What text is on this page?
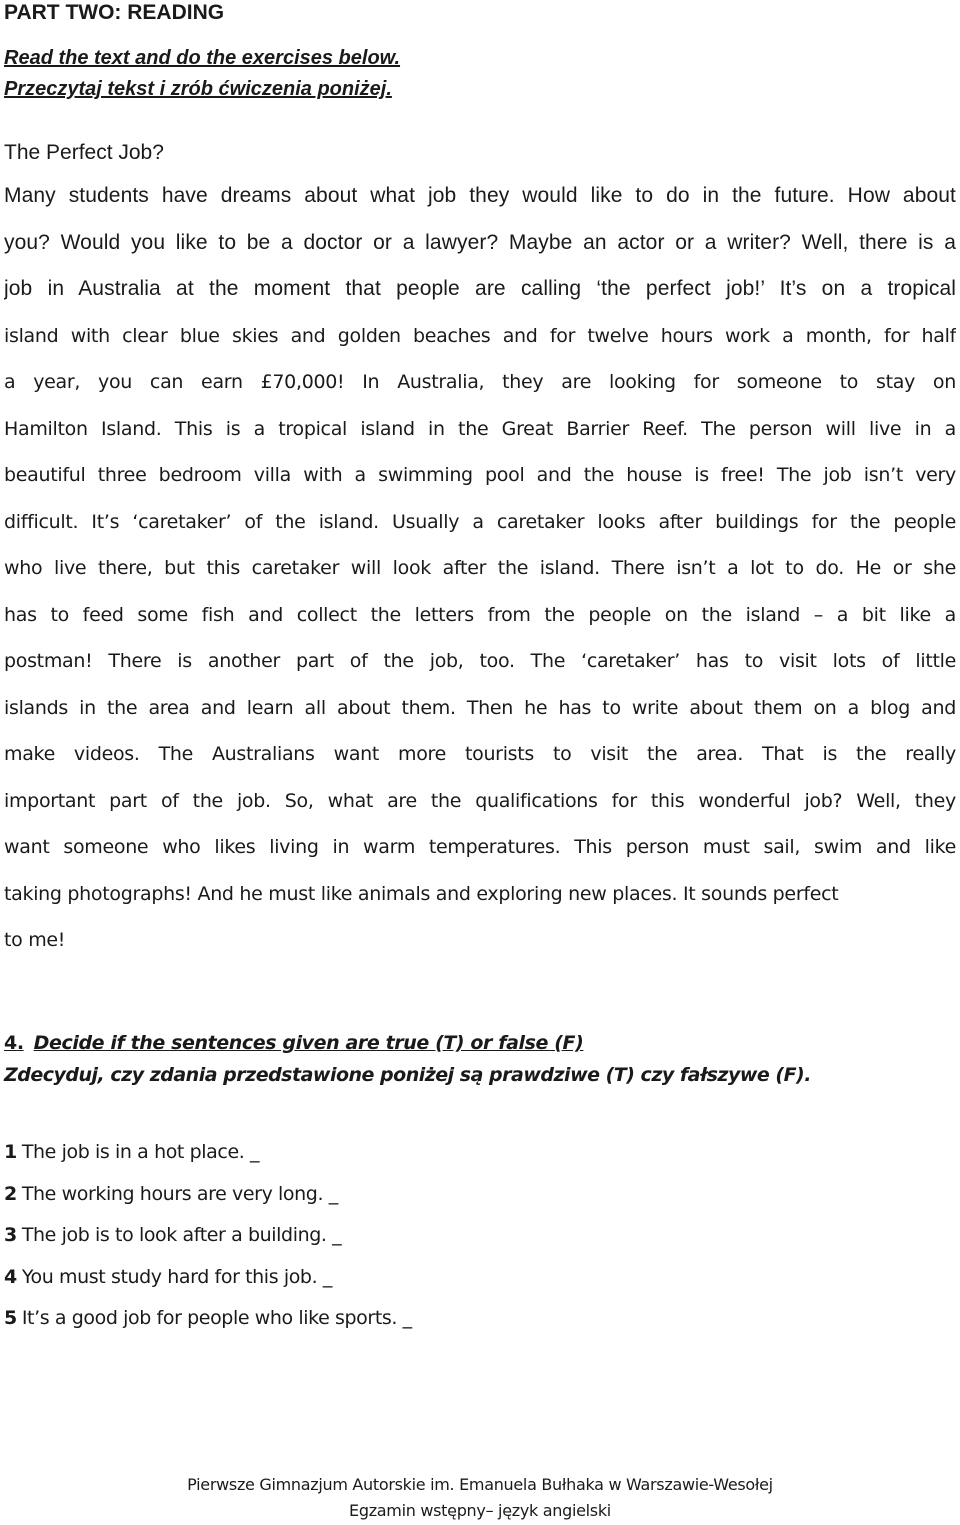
PART TWO: READING
Read the text and do the exercises below.
Przeczytaj tekst i zrób ćwiczenia poniżej.
The Perfect Job?
Many students have dreams about what job they would like to do in the future. How about
you? Would you like to be a doctor or a lawyer? Maybe an actor or a writer? Well, there is a
job in Australia at the moment that people are calling ‘the perfect job!’ It’s on a tropical
island with clear blue skies and golden beaches and for twelve hours work a month, for half
a year, you can earn £70,000! In Australia, they are looking for someone to stay on
Hamilton Island. This is a tropical island in the Great Barrier Reef. The person will live in a
beautiful three bedroom villa with a swimming pool and the house is free! The job isn’t very
difficult. It’s ‘caretaker’ of the island. Usually a caretaker looks after buildings for the people
who live there, but this caretaker will look after the island. There isn’t a lot to do. He or she
has to feed some fish and collect the letters from the people on the island – a bit like a
postman! There is another part of the job, too. The ‘caretaker’ has to visit lots of little
islands in the area and learn all about them. Then he has to write about them on a blog and
make videos. The Australians want more tourists to visit the area. That is the really
important part of the job. So, what are the qualifications for this wonderful job? Well, they
want someone who likes living in warm temperatures. This person must sail, swim and like
taking photographs! And he must like animals and exploring new places. It sounds perfect
to me!
4. Decide if the sentences given are true (T) or false (F)
Zdecyduj, czy zdania przedstawione poniżej są prawdziwe (T) czy fałszywe (F).
1 The job is in a hot place. _
2 The working hours are very long. _
3 The job is to look after a building. _
4 You must study hard for this job. _
5 It’s a good job for people who like sports. _
Pierwsze Gimnazjum Autorskie im. Emanuela Bułhaka w Warszawie-Wesołej
Egzamin wstępny– język angielski
